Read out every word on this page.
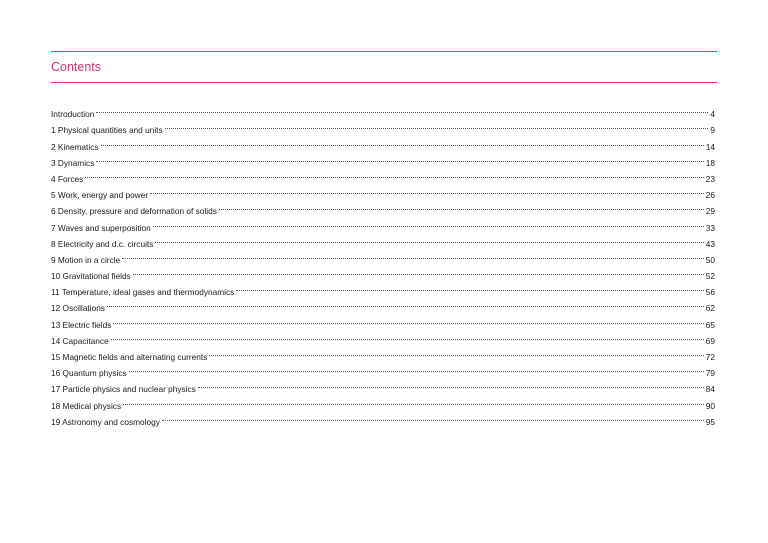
Contents
Introduction	4
1 Physical quantities and units	9
2 Kinematics	14
3 Dynamics	18
4 Forces	23
5 Work, energy and power	26
6 Density, pressure and deformation of solids	29
7 Waves and superposition	33
8 Electricity and d.c. circuits	43
9 Motion in a circle	50
10 Gravitational fields	52
11 Temperature, ideal gases and thermodynamics	56
12 Oscillations	62
13 Electric fields	65
14 Capacitance	69
15 Magnetic fields and alternating currents	72
16 Quantum physics	79
17 Particle physics and nuclear physics	84
18 Medical physics	90
19 Astronomy and cosmology	95
